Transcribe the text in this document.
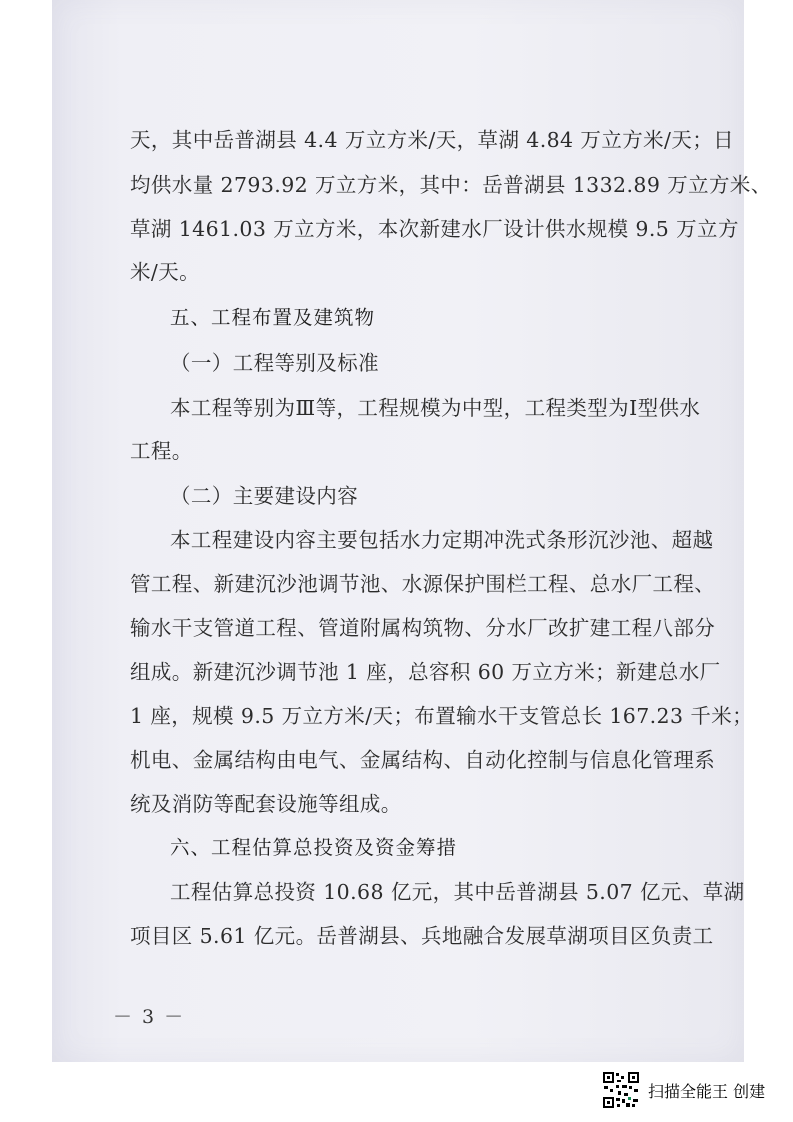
天，其中岳普湖县 4.4 万立方米/天，草湖 4.84 万立方米/天；日
均供水量 2793.92 万立方米，其中：岳普湖县 1332.89 万立方米、
草湖 1461.03 万立方米，本次新建水厂设计供水规模 9.5 万立方
米/天。
五、工程布置及建筑物
（一）工程等别及标准
本工程等别为Ⅲ等，工程规模为中型，工程类型为Ⅰ型供水
工程。
（二）主要建设内容
本工程建设内容主要包括水力定期冲洗式条形沉沙池、超越
管工程、新建沉沙池调节池、水源保护围栏工程、总水厂工程、
输水干支管道工程、管道附属构筑物、分水厂改扩建工程八部分
组成。新建沉沙调节池 1 座，总容积 60 万立方米；新建总水厂
1 座，规模 9.5 万立方米/天；布置输水干支管总长 167.23 千米；
机电、金属结构由电气、金属结构、自动化控制与信息化管理系
统及消防等配套设施等组成。
六、工程估算总投资及资金筹措
工程估算总投资 10.68 亿元，其中岳普湖县 5.07 亿元、草湖
项目区 5.61 亿元。岳普湖县、兵地融合发展草湖项目区负责工
－ 3 －
扫描全能王 创建
